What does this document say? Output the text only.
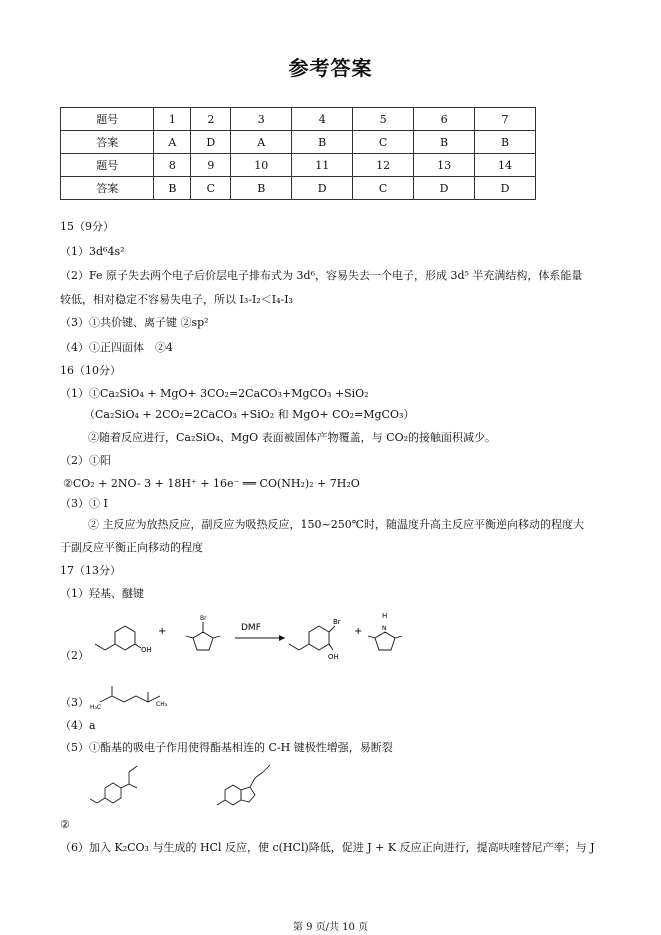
参考答案
题号	1	2	3	4	5	6	7
答案	A	D	A	B	C	B	B
题号	8	9	10	11	12	13	14
答案	B	C	B	D	C	D	D
15（9分）
（1）3d⁶4s²
（2）Fe 原子失去两个电子后价层电子排布式为 3d⁶，容易失去一个电子，形成 3d⁵ 半充满结构，体系能量
较低，相对稳定不容易失电子，所以 I₃-I₂＜I₄-I₃
（3）①共价键、离子键 ②sp²
（4）①正四面体　②4
16（10分）
（1）①Ca₂SiO₄ + MgO+ 3CO₂=2CaCO₃+MgCO₃ +SiO₂
（Ca₂SiO₄ + 2CO₂=2CaCO₃ +SiO₂ 和 MgO+ CO₂=MgCO₃）
②随着反应进行，Ca₂SiO₄、MgO 表面被固体产物覆盖，与 CO₂的接触面积减少。
（2）①阳
②CO₂ + 2NO- 3 + 18H⁺ + 16e⁻ ══ CO(NH₂)₂ + 7H₂O
（3）① I
② 主反应为放热反应，副反应为吸热反应，150~250℃时，随温度升高主反应平衡逆向移动的程度大
于副反应平衡正向移动的程度
17（13分）
（1）羟基、醚键
（2）	OH
+
Br
DMF
Br
OH
+
H
N
（3） H₃C	CH₃
（4）a
（5）①酯基的吸电子作用使得酯基相连的 C-H 键极性增强，易断裂
②
（6）加入 K₂CO₃ 与生成的 HCl 反应，使 c(HCl)降低，促进 J + K 反应正向进行，提高呋喹替尼产率；与 J
第 9 页/共 10 页
